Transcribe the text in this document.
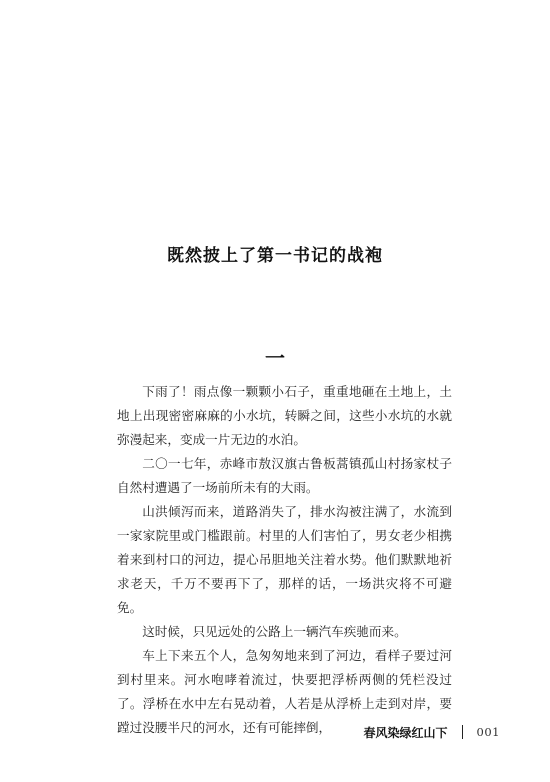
既然披上了第一书记的战袍
一

下雨了！雨点像一颗颗小石子，重重地砸在土地上，土地上出现密密麻麻的小水坑，转瞬之间，这些小水坑的水就弥漫起来，变成一片无边的水泊。

二〇一七年，赤峰市敖汉旗古鲁板蒿镇孤山村扬家杖子自然村遭遇了一场前所未有的大雨。

山洪倾泻而来，道路消失了，排水沟被注满了，水流到一家家院里或门槛跟前。村里的人们害怕了，男女老少相携着来到村口的河边，提心吊胆地关注着水势。他们默默地祈求老天，千万不要再下了，那样的话，一场洪灾将不可避免。

这时候，只见远处的公路上一辆汽车疾驰而来。

车上下来五个人，急匆匆地来到了河边，看样子要过河到村里来。河水咆哮着流过，快要把浮桥两侧的凭栏没过了。浮桥在水中左右晃动着，人若是从浮桥上走到对岸，要蹚过没腰半尺的河水，还有可能摔倒，	春风染绿红山下	001
